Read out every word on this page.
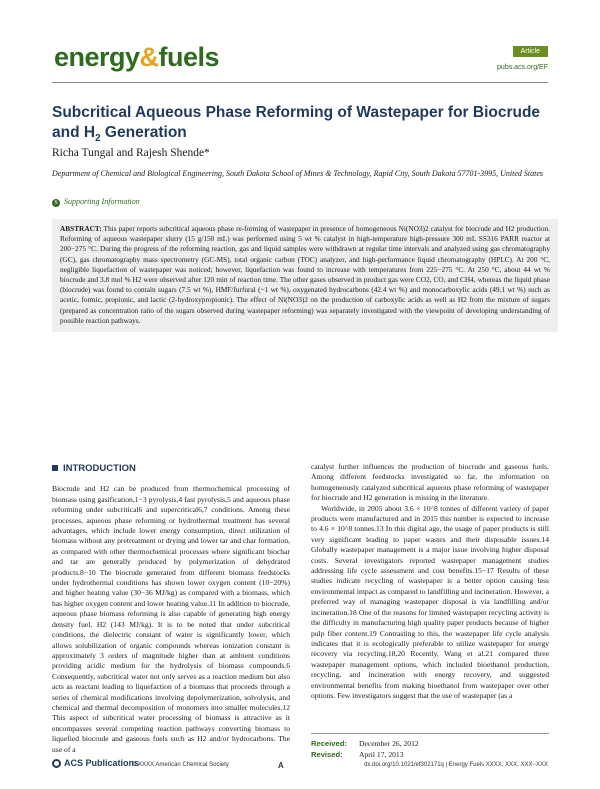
energy&fuels	Article
pubs.acs.org/EF
Subcritical Aqueous Phase Reforming of Wastepaper for Biocrude and $H_2$ Generation
Richa Tungal and Rajesh Shende*
Department of Chemical and Biological Engineering, South Dakota School of Mines & Technology, Rapid City, South Dakota 57701-3995, United States
S Supporting Information
ABSTRACT: This paper reports subcritical aqueous phase re-forming of wastepaper in presence of homogeneous Ni(NO3)2 catalyst for biocrude and H2 production. Reforming of aqueous wastepaper slurry (15 g/150 mL) was performed using 5 wt % catalyst in high-temperature high-pressure 300 mL SS316 PARR reactor at 200−275 °C. During the progress of the reforming reaction, gas and liquid samples were withdrawn at regular time intervals and analyzed using gas chromatography (GC), gas chromatography mass spectrometry (GC-MS), total organic carbon (TOC) analyzer, and high-performance liquid chromatography (HPLC). At 200 °C, negligible liquefaction of wastepaper was noticed; however, liquefaction was found to increase with temperatures from 225−275 °C. At 250 °C, about 44 wt % biocrude and 3.8 mol % H2 were observed after 120 min of reaction time. The other gases observed in product gas were CO2, CO, and CH4, whereas the liquid phase (biocrude) was found to contain sugars (7.5 wt %), HMF/furfural (~1 wt %), oxygenated hydrocarbons (42.4 wt %) and monocarboxylic acids (49.1 wt %) such as acetic, formic, propionic, and lactic (2-hydroxypropionic). The effect of Ni(NO3)2 on the production of carboxylic acids as well as H2 from the mixture of sugars (prepared as concentration ratio of the sugars observed during wastepaper reforming) was separately investigated with the viewpoint of developing understanding of possible reaction pathways.
INTRODUCTION

Biocrude and H2 can be produced from thermochemical processing of biomass using gasification,1−3 pyrolysis,4 fast pyrolysis,5 and aqueous phase reforming under subcritical6 and supercritical6,7 conditions. Among these processes, aqueous phase reforming or hydrothermal treatment has several advantages, which include lower energy consumption, direct utilization of biomass without any pretreatment or drying and lower tar and char formation, as compared with other thermochemical processes where significant biochar and tar are generally produced by polymerization of dehydrated products.8−10 The biocrude generated from different biomass feedstocks under hydrothermal conditions has shown lower oxygen content (10−20%) and higher heating value (30−36 MJ/kg) as compared with a biomass, which has higher oxygen content and lower heating value.11 In addition to biocrude, aqueous phase biomass reforming is also capable of generating high energy density fuel, H2 (143 MJ/kg). It is to be noted that under subcritical conditions, the dielectric constant of water is significantly lower, which allows solubilization of organic compounds whereas ionization constant is approximately 3 orders of magnitude higher than at ambient conditions providing acidic medium for the hydrolysis of biomass compounds.6 Consequently, subcritical water not only serves as a reaction medium but also acts as reactant leading to liquefaction of a biomass that proceeds through a series of chemical modifications involving depolymerization, solvolysis, and chemical and thermal decomposition of monomers into smaller molecules.12 This aspect of subcritical water processing of biomass is attractive as it encompasses several competing reaction pathways converting biomass to liquefied biocrude and gaseous fuels such as H2 and/or hydrocarbons. The use of a

catalyst further influences the production of biocrude and gaseous fuels. Among different feedstocks investigated so far, the information on homogeneously catalyzed subcritical aqueous phase reforming of wastepaper for biocrude and H2 generation is missing in the literature.

Worldwide, in 2005 about 3.6 × 10^8 tonnes of different variety of paper products were manufactured and in 2015 this number is expected to increase to 4.6 × 10^8 tonnes.13 In this digital age, the usage of paper products is still very significant leading to paper wastes and their disposable issues.14 Globally wastepaper management is a major issue involving higher disposal costs. Several investigators reported wastepaper management studies addressing life cycle assessment and cost benefits.15−17 Results of these studies indicate recycling of wastepaper is a better option causing less environmental impact as compared to landfilling and incineration. However, a preferred way of managing wastepaper disposal is via landfilling and/or incineration.18 One of the reasons for limited wastepaper recycling activity is the difficulty in manufacturing high quality paper products because of higher pulp fiber content.19 Contrasting to this, the wastepaper life cycle analysis indicates that it is ecologically preferable to utilize wastepaper for energy recovery via recycling.18,20 Recently, Wang et al.21 compared three wastepaper management options, which included bioethanol production, recycling, and incineration with energy recovery, and suggested environmental benefits from making bioethanol from wastepaper over other options. Few investigators suggest that the use of wastepaper (as a

Received: December 26, 2012
Revised: April 17, 2013
ACS Publications
© XXXX American Chemical Society	A	dx.doi.org/10.1021/ef302171q | Energy Fuels XXXX, XXX, XXX−XXX
